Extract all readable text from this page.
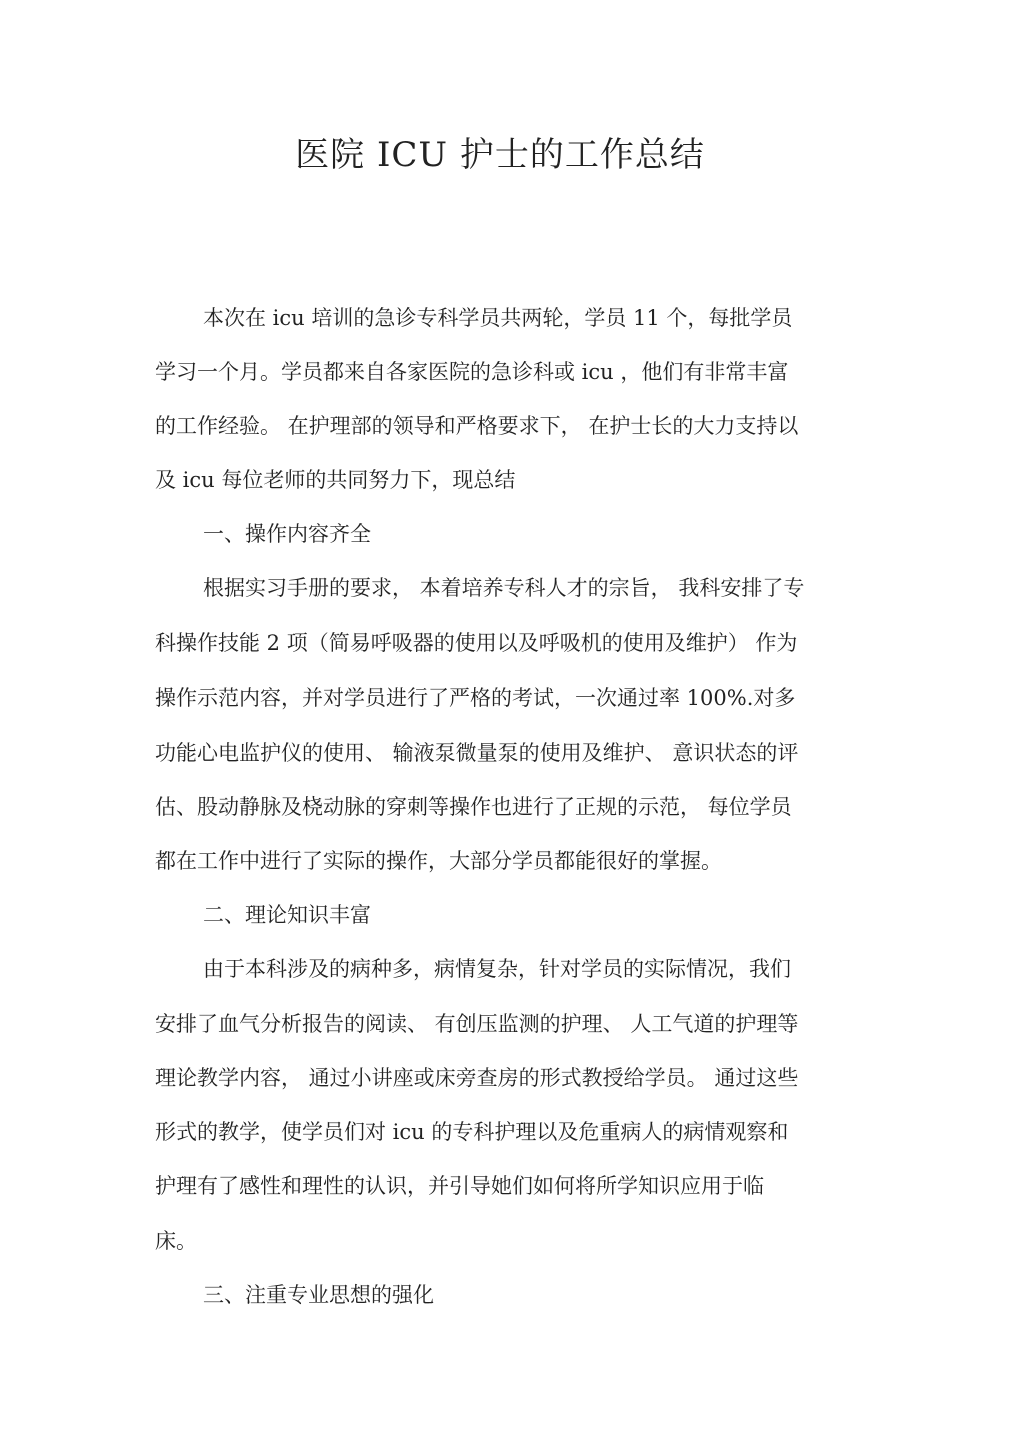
医院 ICU 护士的工作总结
本次在 icu 培训的急诊专科学员共两轮，学员 11 个，每批学员
学习一个月。学员都来自各家医院的急诊科或 icu ，他们有非常丰富
的工作经验。 在护理部的领导和严格要求下， 在护士长的大力支持以
及 icu 每位老师的共同努力下，现总结
一、操作内容齐全
根据实习手册的要求， 本着培养专科人才的宗旨， 我科安排了专
科操作技能 2 项（简易呼吸器的使用以及呼吸机的使用及维护） 作为
操作示范内容，并对学员进行了严格的考试，一次通过率 100%.对多
功能心电监护仪的使用、 输液泵微量泵的使用及维护、 意识状态的评
估、股动静脉及桡动脉的穿刺等操作也进行了正规的示范， 每位学员
都在工作中进行了实际的操作，大部分学员都能很好的掌握。
二、理论知识丰富
由于本科涉及的病种多，病情复杂，针对学员的实际情况，我们
安排了血气分析报告的阅读、 有创压监测的护理、 人工气道的护理等
理论教学内容， 通过小讲座或床旁查房的形式教授给学员。 通过这些
形式的教学，使学员们对 icu 的专科护理以及危重病人的病情观察和
护理有了感性和理性的认识，并引导她们如何将所学知识应用于临
床。
三、注重专业思想的强化
